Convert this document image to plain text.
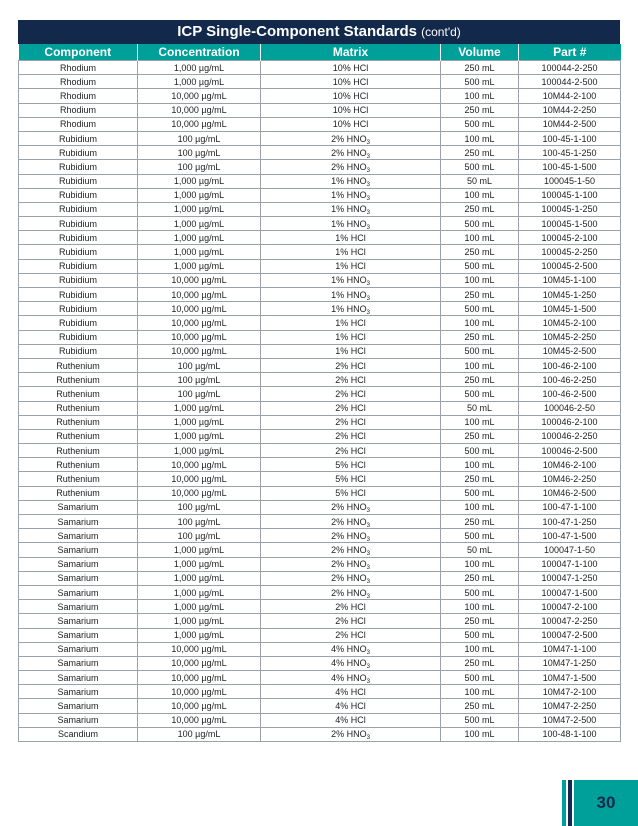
ICP Single-Component Standards (cont'd)
Component	Concentration	Matrix	Volume	Part #
Rhodium	1,000 µg/mL	10% HCl	250 mL	100044-2-250
Rhodium	1,000 µg/mL	10% HCl	500 mL	100044-2-500
Rhodium	10,000 µg/mL	10% HCl	100 mL	10M44-2-100
Rhodium	10,000 µg/mL	10% HCl	250 mL	10M44-2-250
Rhodium	10,000 µg/mL	10% HCl	500 mL	10M44-2-500
Rubidium	100 µg/mL	2% $HNO_3$	100 mL	100-45-1-100
Rubidium	100 µg/mL	2% $HNO_3$	250 mL	100-45-1-250
Rubidium	100 µg/mL	2% $HNO_3$	500 mL	100-45-1-500
Rubidium	1,000 µg/mL	1% $HNO_3$	50 mL	100045-1-50
Rubidium	1,000 µg/mL	1% $HNO_3$	100 mL	100045-1-100
Rubidium	1,000 µg/mL	1% $HNO_3$	250 mL	100045-1-250
Rubidium	1,000 µg/mL	1% $HNO_3$	500 mL	100045-1-500
Rubidium	1,000 µg/mL	1% HCl	100 mL	100045-2-100
Rubidium	1,000 µg/mL	1% HCl	250 mL	100045-2-250
Rubidium	1,000 µg/mL	1% HCl	500 mL	100045-2-500
Rubidium	10,000 µg/mL	1% $HNO_3$	100 mL	10M45-1-100
Rubidium	10,000 µg/mL	1% $HNO_3$	250 mL	10M45-1-250
Rubidium	10,000 µg/mL	1% $HNO_3$	500 mL	10M45-1-500
Rubidium	10,000 µg/mL	1% HCl	100 mL	10M45-2-100
Rubidium	10,000 µg/mL	1% HCl	250 mL	10M45-2-250
Rubidium	10,000 µg/mL	1% HCl	500 mL	10M45-2-500
Ruthenium	100 µg/mL	2% HCl	100 mL	100-46-2-100
Ruthenium	100 µg/mL	2% HCl	250 mL	100-46-2-250
Ruthenium	100 µg/mL	2% HCl	500 mL	100-46-2-500
Ruthenium	1,000 µg/mL	2% HCl	50 mL	100046-2-50
Ruthenium	1,000 µg/mL	2% HCl	100 mL	100046-2-100
Ruthenium	1,000 µg/mL	2% HCl	250 mL	100046-2-250
Ruthenium	1,000 µg/mL	2% HCl	500 mL	100046-2-500
Ruthenium	10,000 µg/mL	5% HCl	100 mL	10M46-2-100
Ruthenium	10,000 µg/mL	5% HCl	250 mL	10M46-2-250
Ruthenium	10,000 µg/mL	5% HCl	500 mL	10M46-2-500
Samarium	100 µg/mL	2% $HNO_3$	100 mL	100-47-1-100
Samarium	100 µg/mL	2% $HNO_3$	250 mL	100-47-1-250
Samarium	100 µg/mL	2% $HNO_3$	500 mL	100-47-1-500
Samarium	1,000 µg/mL	2% $HNO_3$	50 mL	100047-1-50
Samarium	1,000 µg/mL	2% $HNO_3$	100 mL	100047-1-100
Samarium	1,000 µg/mL	2% $HNO_3$	250 mL	100047-1-250
Samarium	1,000 µg/mL	2% $HNO_3$	500 mL	100047-1-500
Samarium	1,000 µg/mL	2% HCl	100 mL	100047-2-100
Samarium	1,000 µg/mL	2% HCl	250 mL	100047-2-250
Samarium	1,000 µg/mL	2% HCl	500 mL	100047-2-500
Samarium	10,000 µg/mL	4% $HNO_3$	100 mL	10M47-1-100
Samarium	10,000 µg/mL	4% $HNO_3$	250 mL	10M47-1-250
Samarium	10,000 µg/mL	4% $HNO_3$	500 mL	10M47-1-500
Samarium	10,000 µg/mL	4% HCl	100 mL	10M47-2-100
Samarium	10,000 µg/mL	4% HCl	250 mL	10M47-2-250
Samarium	10,000 µg/mL	4% HCl	500 mL	10M47-2-500
Scandium	100 µg/mL	2% $HNO_3$	100 mL	100-48-1-100
30
